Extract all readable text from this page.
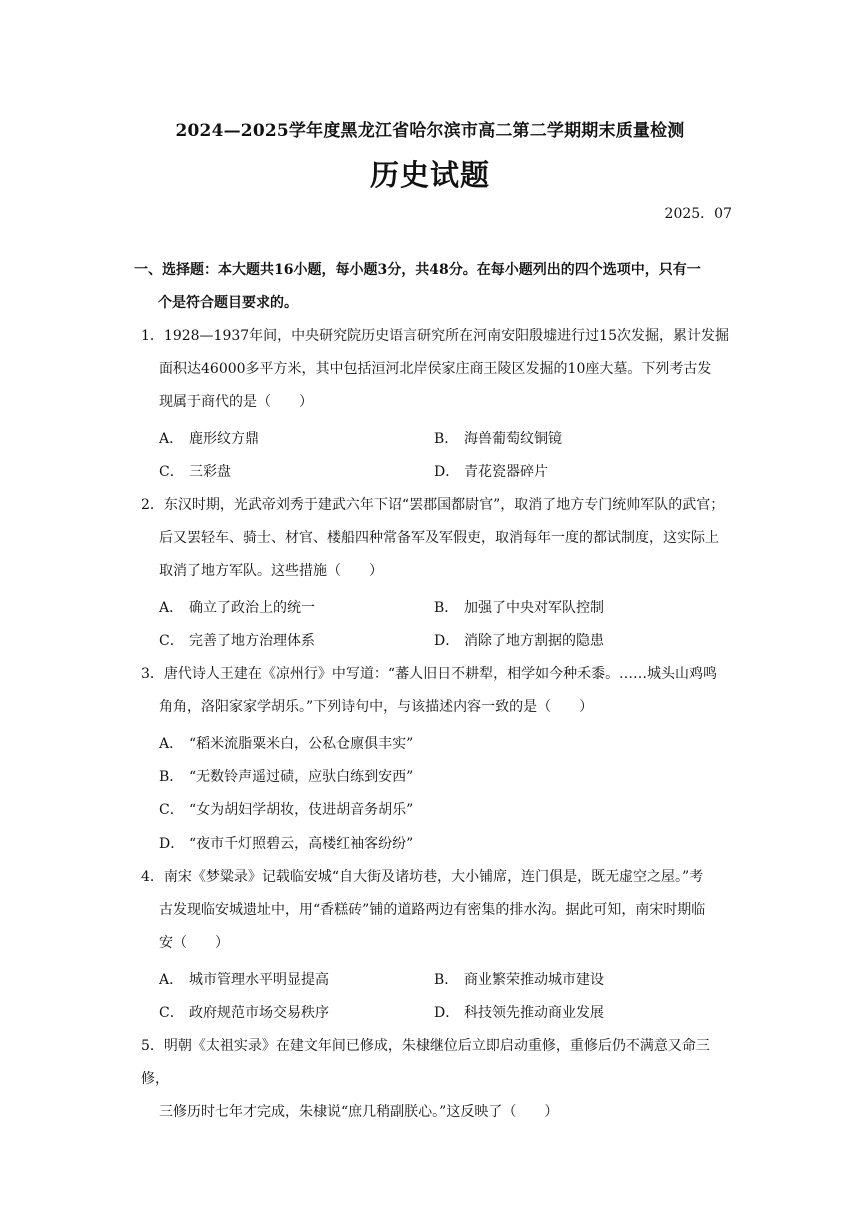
2024—2025学年度黑龙江省哈尔滨市高二第二学期期末质量检测
历史试题
2025．07
一、选择题：本大题共16小题，每小题3分，共48分。在每小题列出的四个选项中，只有一
个是符合题目要求的。
1．1928—1937年间，中央研究院历史语言研究所在河南安阳殷墟进行过15次发掘，累计发掘
面积达46000多平方米，其中包括洹河北岸侯家庄商王陵区发掘的10座大墓。下列考古发
现属于商代的是（　　）
A． 鹿形纹方鼎	B． 海兽葡萄纹铜镜
C． 三彩盘	D． 青花瓷器碎片
2．东汉时期，光武帝刘秀于建武六年下诏“罢郡国都尉官”，取消了地方专门统帅军队的武官；
后又罢轻车、骑士、材官、楼船四种常备军及军假吏，取消每年一度的都试制度，这实际上
取消了地方军队。这些措施（　　）
A． 确立了政治上的统一	B． 加强了中央对军队控制
C． 完善了地方治理体系	D． 消除了地方割据的隐患
3．唐代诗人王建在《凉州行》中写道：“蕃人旧日不耕犁，相学如今种禾黍。……城头山鸡鸣
角角，洛阳家家学胡乐。”下列诗句中，与该描述内容一致的是（　　）
A． “稻米流脂粟米白，公私仓廪俱丰实”
B． “无数铃声遥过碛，应驮白练到安西”
C． “女为胡妇学胡妆，伎进胡音务胡乐”
D． “夜市千灯照碧云，高楼红袖客纷纷”
4．南宋《梦粱录》记载临安城“自大街及诸坊巷，大小铺席，连门俱是，既无虚空之屋。”考
古发现临安城遗址中，用“香糕砖”铺的道路两边有密集的排水沟。据此可知，南宋时期临
安（　　）
A． 城市管理水平明显提高	B． 商业繁荣推动城市建设
C． 政府规范市场交易秩序	D． 科技领先推动商业发展
5．明朝《太祖实录》在建文年间已修成，朱棣继位后立即启动重修，重修后仍不满意又命三修，
三修历时七年才完成，朱棣说“庶几稍副朕心。”这反映了（　　）
